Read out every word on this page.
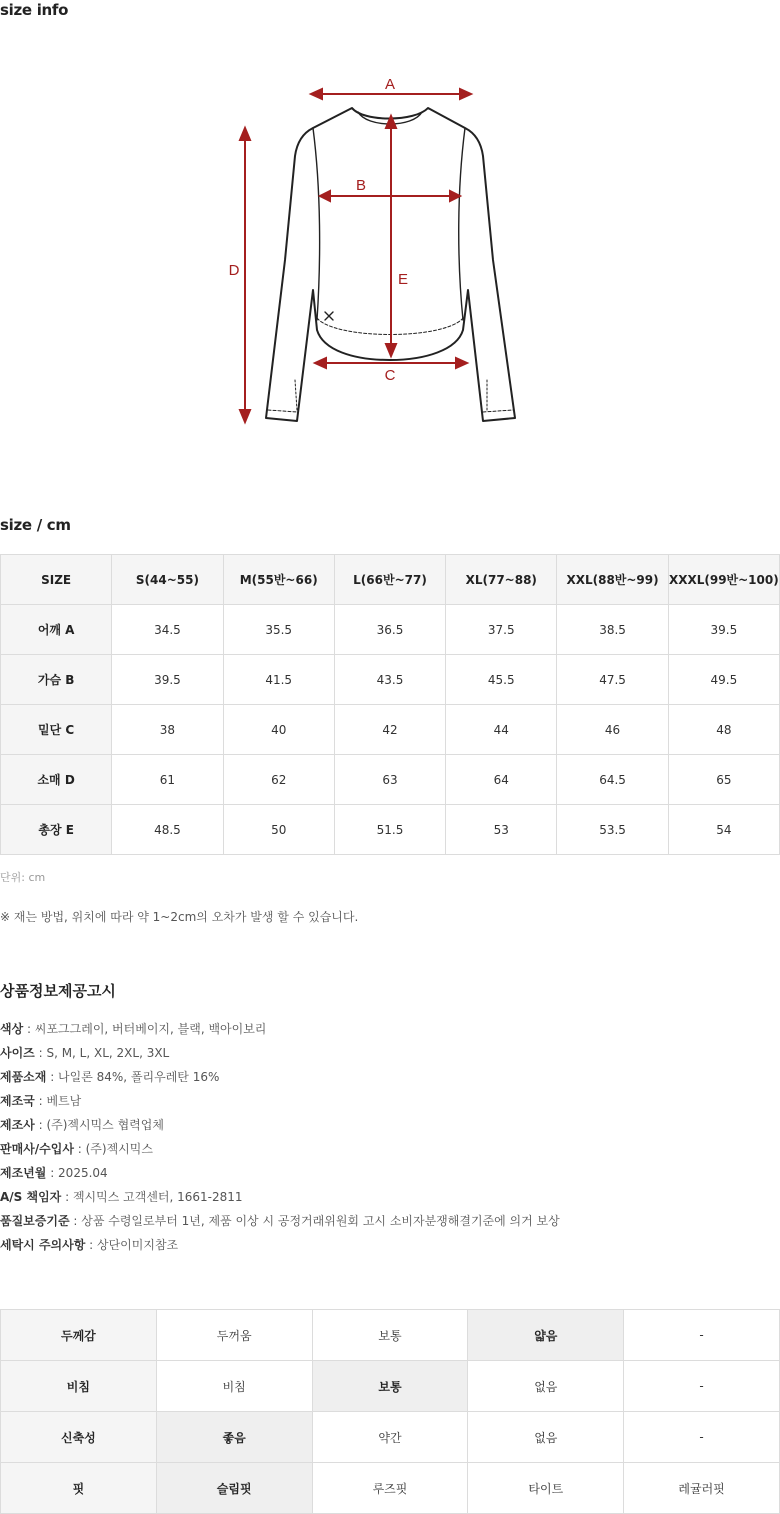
size info
A
B
C
D
E
size / cm
SIZE	S(44~55)	M(55반~66)	L(66반~77)	XL(77~88)	XXL(88반~99)	XXXL(99반~100)
어깨 A	34.5	35.5	36.5	37.5	38.5	39.5
가슴 B	39.5	41.5	43.5	45.5	47.5	49.5
밑단 C	38	40	42	44	46	48
소매 D	61	62	63	64	64.5	65
총장 E	48.5	50	51.5	53	53.5	54
단위: cm
※ 재는 방법, 위치에 따라 약 1~2cm의 오차가 발생 할 수 있습니다.
상품정보제공고시
색상 : 씨포그그레이, 버터베이지, 블랙, 백아이보리
사이즈 : S, M, L, XL, 2XL, 3XL
제품소재 : 나일론 84%, 폴리우레탄 16%
제조국 : 베트남
제조사 : (주)젝시믹스 협력업체
판매사/수입사 : (주)젝시믹스
제조년월 : 2025.04
A/S 책임자 : 젝시믹스 고객센터, 1661-2811
품질보증기준 : 상품 수령일로부터 1년, 제품 이상 시 공정거래위원회 고시 소비자분쟁해결기준에 의거 보상
세탁시 주의사항 : 상단이미지참조
두께감	두꺼움	보통	얇음	-
비침	비침	보통	없음	-
신축성	좋음	약간	없음	-
핏	슬림핏	루즈핏	타이트	레귤러핏
